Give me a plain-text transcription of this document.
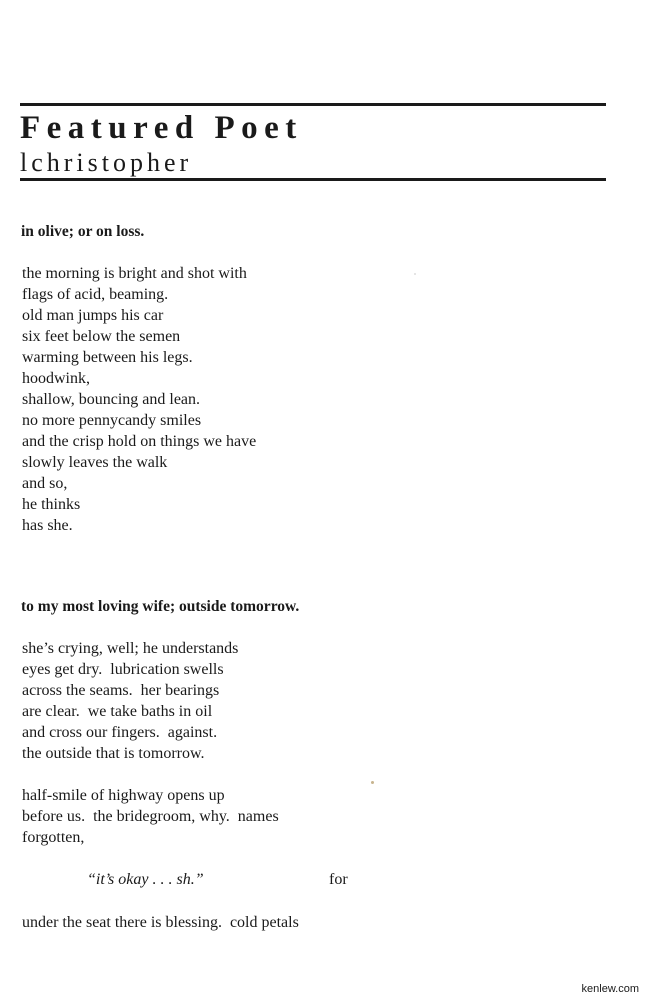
Featured Poet
lchristopher
in olive; or on loss.
the morning is bright and shot with
flags of acid, beaming.
old man jumps his car
six feet below the semen
warming between his legs.
hoodwink,
shallow, bouncing and lean.
no more pennycandy smiles
and the crisp hold on things we have
slowly leaves the walk
and so,
he thinks
has she.
to my most loving wife; outside tomorrow.
she’s crying, well; he understands
eyes get dry.  lubrication swells
across the seams.  her bearings
are clear.  we take baths in oil
and cross our fingers.  against.
the outside that is tomorrow.
half-smile of highway opens up
before us.  the bridegroom, why.  names
forgotten,
“it’s okay . . . sh.”	for
under the seat there is blessing.  cold petals
kenlew.com
